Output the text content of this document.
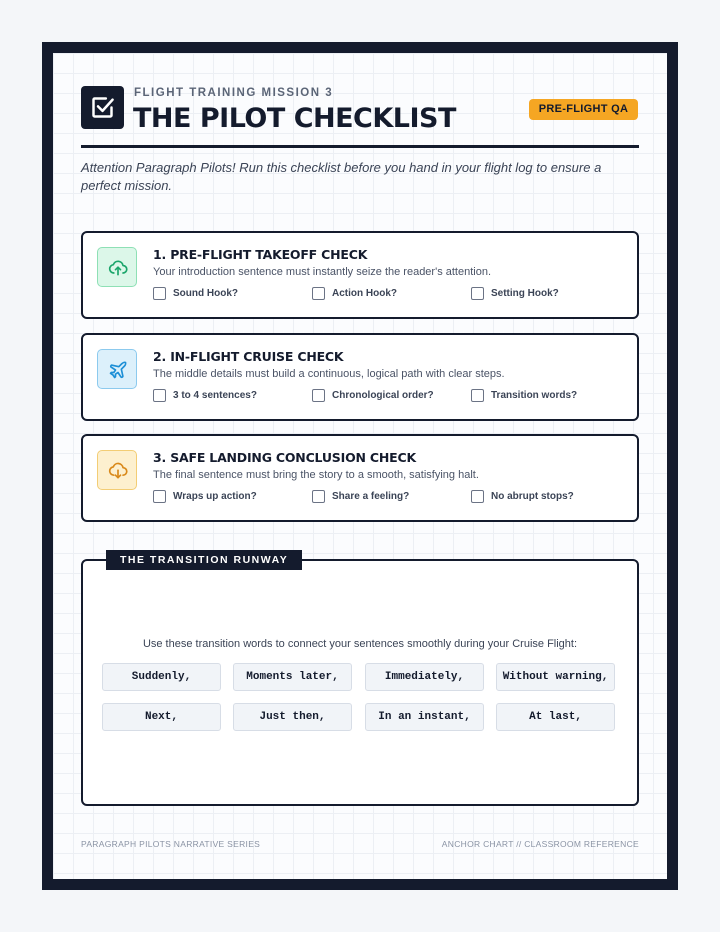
FLIGHT TRAINING MISSION 3
THE PILOT CHECKLIST	PRE-FLIGHT QA
Attention Paragraph Pilots! Run this checklist before you hand in your flight log to ensure a perfect mission.
1. PRE-FLIGHT TAKEOFF CHECK

Your introduction sentence must instantly seize the reader's attention.

Sound Hook?	Action Hook?	Setting Hook?
2. IN-FLIGHT CRUISE CHECK

The middle details must build a continuous, logical path with clear steps.

3 to 4 sentences?	Chronological order?	Transition words?
3. SAFE LANDING CONCLUSION CHECK

The final sentence must bring the story to a smooth, satisfying halt.

Wraps up action?	Share a feeling?	No abrupt stops?
Use these transition words to connect your sentences smoothly during your Cruise Flight:
Suddenly,	Moments later,	Immediately,	Without warning,
Next,	Just then,	In an instant,	At last,
THE TRANSITION RUNWAY
PARAGRAPH PILOTS NARRATIVE SERIES	ANCHOR CHART // CLASSROOM REFERENCE
